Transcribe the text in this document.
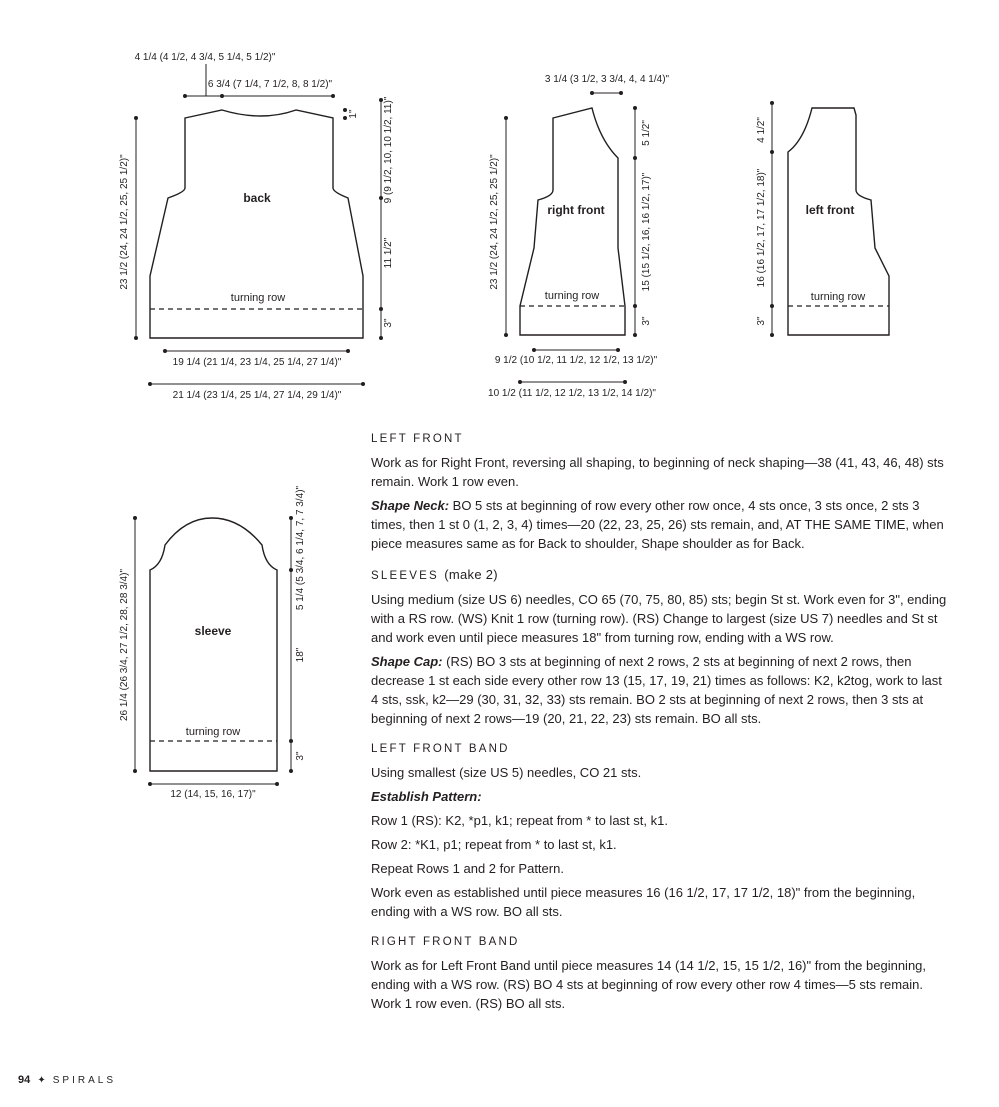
turning row
back
4 1/4 (4 1/2, 4 3/4, 5 1/4, 5 1/2)"
6 3/4 (7 1/4, 7 1/2, 8, 8 1/2)"
1" 9 (9 1/2, 10, 10 1/2, 11)"
11 1/2"
3"
23 1/2 (24, 24 1/2, 25, 25 1/2)"
19 1/4 (21 1/4, 23 1/4, 25 1/4, 27 1/4)"
21 1/4 (23 1/4, 25 1/4, 27 1/4, 29 1/4)"
turning row
right front
3 1/4 (3 1/2, 3 3/4, 4, 4 1/4)"
5 1/2"
15 (15 1/2, 16, 16 1/2, 17)"
3"
23 1/2 (24, 24 1/2, 25, 25 1/2)"
9 1/2 (10 1/2, 11 1/2, 12 1/2, 13 1/2)"
10 1/2 (11 1/2, 12 1/2, 13 1/2, 14 1/2)"
turning row
left front
4 1/2"
16 (16 1/2, 17, 17 1/2, 18)"
3"
turning row
sleeve
5 1/4 (5 3/4, 6 1/4, 7, 7 3/4)"
18"
3"
26 1/4 (26 3/4, 27 1/2, 28, 28 3/4)"
12 (14, 15, 16, 17)"
LEFT FRONT
Work as for Right Front, reversing all shaping, to beginning of neck shaping—38 (41, 43, 46, 48) sts remain. Work 1 row even.
Shape Neck: BO 5 sts at beginning of row every other row once, 4 sts once, 3 sts once, 2 sts 3 times, then 1 st 0 (1, 2, 3, 4) times—20 (22, 23, 25, 26) sts remain, and, AT THE SAME TIME, when piece measures same as for Back to shoulder, Shape shoulder as for Back.
SLEEVES (make 2)
Using medium (size US 6) needles, CO 65 (70, 75, 80, 85) sts; begin St st. Work even for 3", ending with a RS row. (WS) Knit 1 row (turning row). (RS) Change to largest (size US 7) needles and St st and work even until piece measures 18" from turning row, ending with a WS row.
Shape Cap: (RS) BO 3 sts at beginning of next 2 rows, 2 sts at beginning of next 2 rows, then decrease 1 st each side every other row 13 (15, 17, 19, 21) times as follows: K2, k2tog, work to last 4 sts, ssk, k2—29 (30, 31, 32, 33) sts remain. BO 2 sts at beginning of next 2 rows, then 3 sts at beginning of next 2 rows—19 (20, 21, 22, 23) sts remain. BO all sts.
LEFT FRONT BAND
Using smallest (size US 5) needles, CO 21 sts.
Establish Pattern:
Row 1 (RS): K2, *p1, k1; repeat from * to last st, k1.
Row 2: *K1, p1; repeat from * to last st, k1.
Repeat Rows 1 and 2 for Pattern.
Work even as established until piece measures 16 (16 1/2, 17, 17 1/2, 18)" from the beginning, ending with a WS row. BO all sts.
RIGHT FRONT BAND
Work as for Left Front Band until piece measures 14 (14 1/2, 15, 15 1/2, 16)" from the beginning, ending with a WS row. (RS) BO 4 sts at beginning of row every other row 4 times—5 sts remain. Work 1 row even. (RS) BO all sts.
94 ✦ SPIRALS
